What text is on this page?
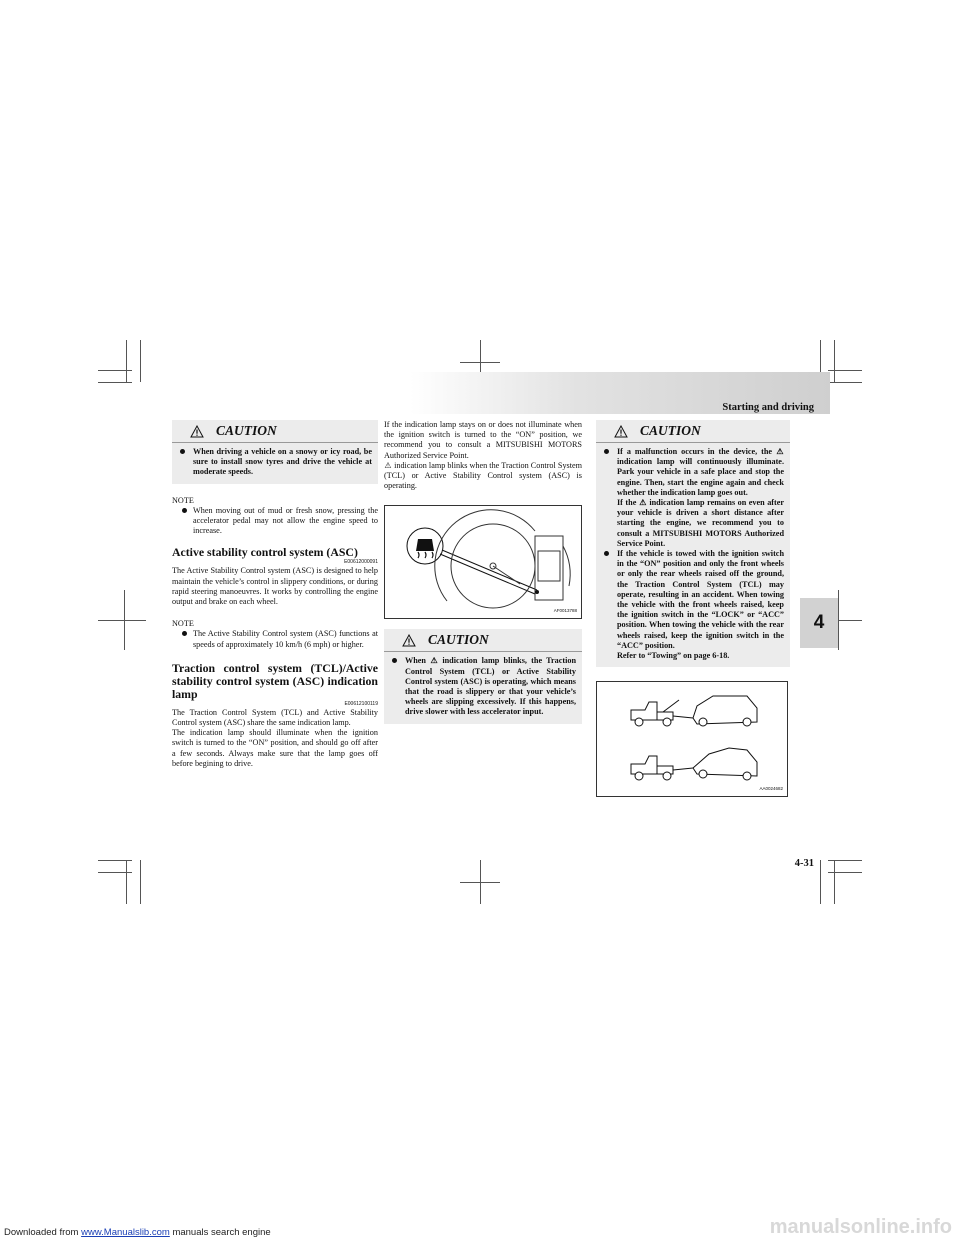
Starting and driving
4
4-31
CAUTION
When driving a vehicle on a snowy or icy road, be sure to install snow tyres and drive the vehicle at moderate speeds.
NOTE
When moving out of mud or fresh snow, pressing the accelerator pedal may not allow the engine speed to increase.
Active stability control system (ASC)
E00612000091

The Active Stability Control system (ASC) is designed to help maintain the vehicle’s control in slippery conditions, or during rapid steering manoeuvres. It works by controlling the engine output and brake on each wheel.

NOTE
The Active Stability Control system (ASC) functions at speeds of approximately 10 km/h (6 mph) or higher.
Traction control system (TCL)/Active stability control system (ASC) indication lamp
E00612100119

The Traction Control System (TCL) and Active Stability Control system (ASC) share the same indication lamp.

The indication lamp should illuminate when the ignition switch is turned to the “ON” position, and should go off after a few seconds. Always make sure that the lamp goes off before begining to drive.

If the indication lamp stays on or does not illuminate when the ignition switch is turned to the “ON” position, we recommend you to consult a MITSUBISHI MOTORS Authorized Service Point.

⚠ indication lamp blinks when the Traction Control System (TCL) or Active Stability Control system (ASC) is operating.

AF0013788
CAUTION
When ⚠ indication lamp blinks, the Traction Control System (TCL) or Active Stability Control system (ASC) is operating, which means that the road is slippery or that your vehicle’s wheels are slipping excessively. If this happens, drive slower with less accelerator input.
CAUTION
If a malfunction occurs in the device, the ⚠ indication lamp will continuously illuminate. Park your vehicle in a safe place and stop the engine. Then, start the engine again and check whether the indication lamp goes out.
If the ⚠ indication lamp remains on even after your vehicle is driven a short distance after starting the engine, we recommend you to consult a MITSUBISHI MOTORS Authorized Service Point.
If the vehicle is towed with the ignition switch in the “ON” position and only the front wheels or only the rear wheels raised off the ground, the Traction Control System (TCL) may operate, resulting in an accident. When towing the vehicle with the front wheels raised, keep the ignition switch in the “LOCK” or “ACC” position. When towing the vehicle with the rear wheels raised, keep the ignition switch in the “ACC” position.
Refer to “Towing” on page 6-18.
AA0024682
Downloaded from www.Manualslib.com manuals search engine	manualsonline.info
